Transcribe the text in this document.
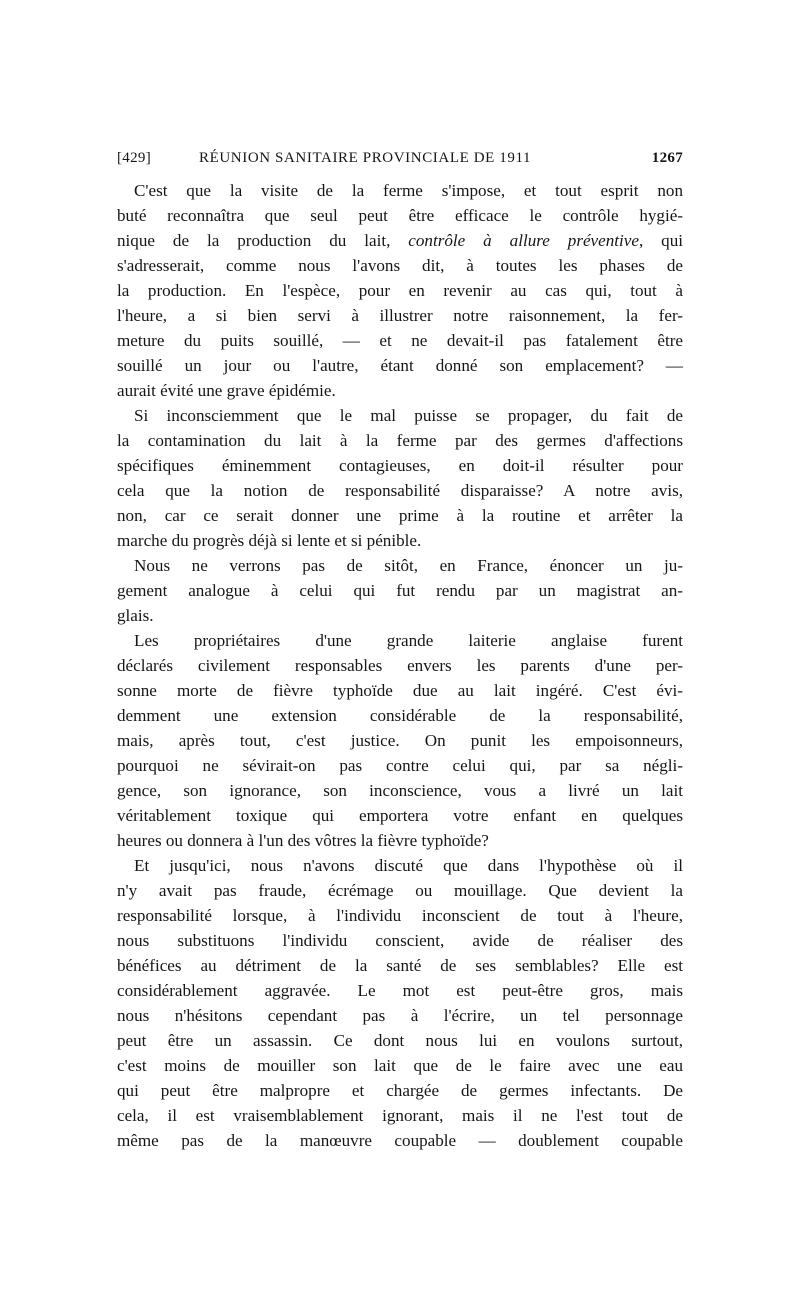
[429]	RÉUNION SANITAIRE PROVINCIALE DE 1911	1267

C'est que la visite de la ferme s'impose, et tout esprit non
buté reconnaîtra que seul peut être efficace le contrôle hygié-
nique de la production du lait, contrôle à allure préventive, qui
s'adresserait, comme nous l'avons dit, à toutes les phases de
la production. En l'espèce, pour en revenir au cas qui, tout à
l'heure, a si bien servi à illustrer notre raisonnement, la fer-
meture du puits souillé, — et ne devait-il pas fatalement être
souillé un jour ou l'autre, étant donné son emplacement? —
aurait évité une grave épidémie.

Si inconsciemment que le mal puisse se propager, du fait de
la contamination du lait à la ferme par des germes d'affections
spécifiques éminemment contagieuses, en doit-il résulter pour
cela que la notion de responsabilité disparaisse? A notre avis,
non, car ce serait donner une prime à la routine et arrêter la
marche du progrès déjà si lente et si pénible.

Nous ne verrons pas de sitôt, en France, énoncer un ju-
gement analogue à celui qui fut rendu par un magistrat an-
glais.

Les propriétaires d'une grande laiterie anglaise furent
déclarés civilement responsables envers les parents d'une per-
sonne morte de fièvre typhoïde due au lait ingéré. C'est évi-
demment une extension considérable de la responsabilité,
mais, après tout, c'est justice. On punit les empoisonneurs,
pourquoi ne sévirait-on pas contre celui qui, par sa négli-
gence, son ignorance, son inconscience, vous a livré un lait
véritablement toxique qui emportera votre enfant en quelques
heures ou donnera à l'un des vôtres la fièvre typhoïde?

Et jusqu'ici, nous n'avons discuté que dans l'hypothèse où il
n'y avait pas fraude, écrémage ou mouillage. Que devient la
responsabilité lorsque, à l'individu inconscient de tout à l'heure,
nous substituons l'individu conscient, avide de réaliser des
bénéfices au détriment de la santé de ses semblables? Elle est
considérablement aggravée. Le mot est peut-être gros, mais
nous n'hésitons cependant pas à l'écrire, un tel personnage
peut être un assassin. Ce dont nous lui en voulons surtout,
c'est moins de mouiller son lait que de le faire avec une eau
qui peut être malpropre et chargée de germes infectants. De
cela, il est vraisemblablement ignorant, mais il ne l'est tout de
même pas de la manœuvre coupable — doublement coupable
